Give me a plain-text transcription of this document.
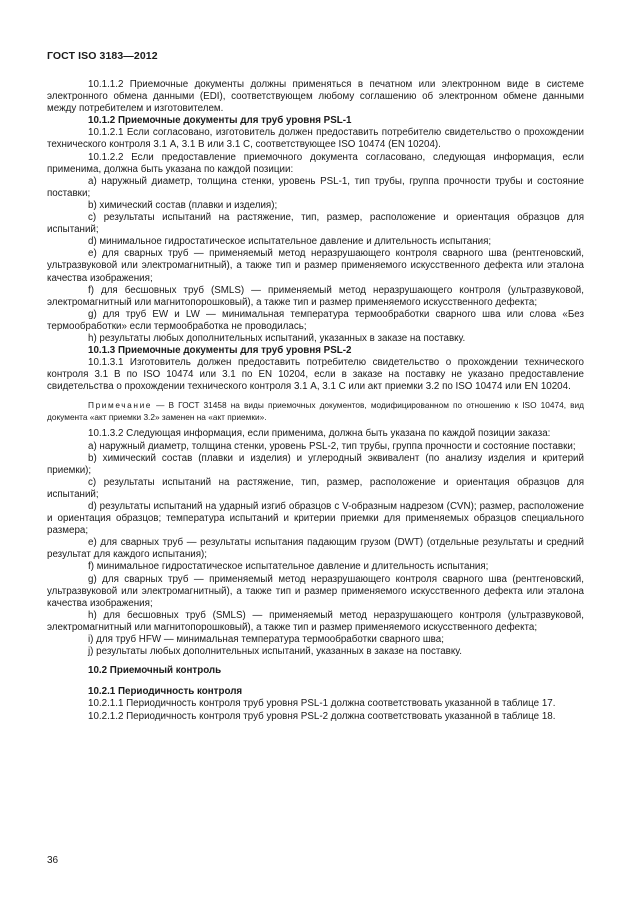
ГОСТ ISO 3183—2012

10.1.1.2 Приемочные документы должны применяться в печатном или электронном виде в системе электронного обмена данными (EDI), соответствующем любому соглашению об электронном обмене данными между потребителем и изготовителем.

10.1.2 Приемочные документы для труб уровня PSL-1

10.1.2.1 Если согласовано, изготовитель должен предоставить потребителю свидетельство о прохождении технического контроля 3.1 А, 3.1 В или 3.1 С, соответствующее ISO 10474 (EN 10204).

10.1.2.2 Если предоставление приемочного документа согласовано, следующая информация, если применима, должна быть указана по каждой позиции:

а) наружный диаметр, толщина стенки, уровень PSL-1, тип трубы, группа прочности трубы и состояние поставки;

b) химический состав (плавки и изделия);

с) результаты испытаний на растяжение, тип, размер, расположение и ориентация образцов для испытаний;

d) минимальное гидростатическое испытательное давление и длительность испытания;

е) для сварных труб — применяемый метод неразрушающего контроля сварного шва (рентгеновский, ультразвуковой или электромагнитный), а также тип и размер применяемого искусственного дефекта или эталона качества изображения;

f) для бесшовных труб (SMLS) — применяемый метод неразрушающего контроля (ультразвуковой, электромагнитный или магнитопорошковый), а также тип и размер применяемого искусственного дефекта;

g) для труб EW и LW — минимальная температура термообработки сварного шва или слова «Без термообработки» если термообработка не проводилась;

h) результаты любых дополнительных испытаний, указанных в заказе на поставку.

10.1.3 Приемочные документы для труб уровня PSL-2

10.1.3.1 Изготовитель должен предоставить потребителю свидетельство о прохождении технического контроля 3.1 В по ISO 10474 или 3.1 по EN 10204, если в заказе на поставку не указано предоставление свидетельства о прохождении технического контроля 3.1 А, 3.1 С или акт приемки 3.2 по ISO 10474 или EN 10204.

Примечание — В ГОСТ 31458 на виды приемочных документов, модифицированном по отношению к ISO 10474, вид документа «акт приемки 3.2» заменен на «акт приемки».

10.1.3.2 Следующая информация, если применима, должна быть указана по каждой позиции заказа:

а) наружный диаметр, толщина стенки, уровень PSL-2, тип трубы, группа прочности и состояние поставки;

b) химический состав (плавки и изделия) и углеродный эквивалент (по анализу изделия и критерий приемки);

с) результаты испытаний на растяжение, тип, размер, расположение и ориентация образцов для испытаний;

d) результаты испытаний на ударный изгиб образцов с V-образным надрезом (CVN); размер, расположение и ориентация образцов; температура испытаний и критерии приемки для применяемых образцов специального размера;

е) для сварных труб — результаты испытания падающим грузом (DWT) (отдельные результаты и средний результат для каждого испытания);

f) минимальное гидростатическое испытательное давление и длительность испытания;

g) для сварных труб — применяемый метод неразрушающего контроля сварного шва (рентгеновский, ультразвуковой или электромагнитный), а также тип и размер применяемого искусственного дефекта или эталона качества изображения;

h) для бесшовных труб (SMLS) — применяемый метод неразрушающего контроля (ультразвуковой, электромагнитный или магнитопорошковый), а также тип и размер применяемого искусственного дефекта;

i) для труб HFW — минимальная температура термообработки сварного шва;

j) результаты любых дополнительных испытаний, указанных в заказе на поставку.

10.2 Приемочный контроль

10.2.1 Периодичность контроля

10.2.1.1 Периодичность контроля труб уровня PSL-1 должна соответствовать указанной в таблице 17.

10.2.1.2 Периодичность контроля труб уровня PSL-2 должна соответствовать указанной в таблице 18.

36
